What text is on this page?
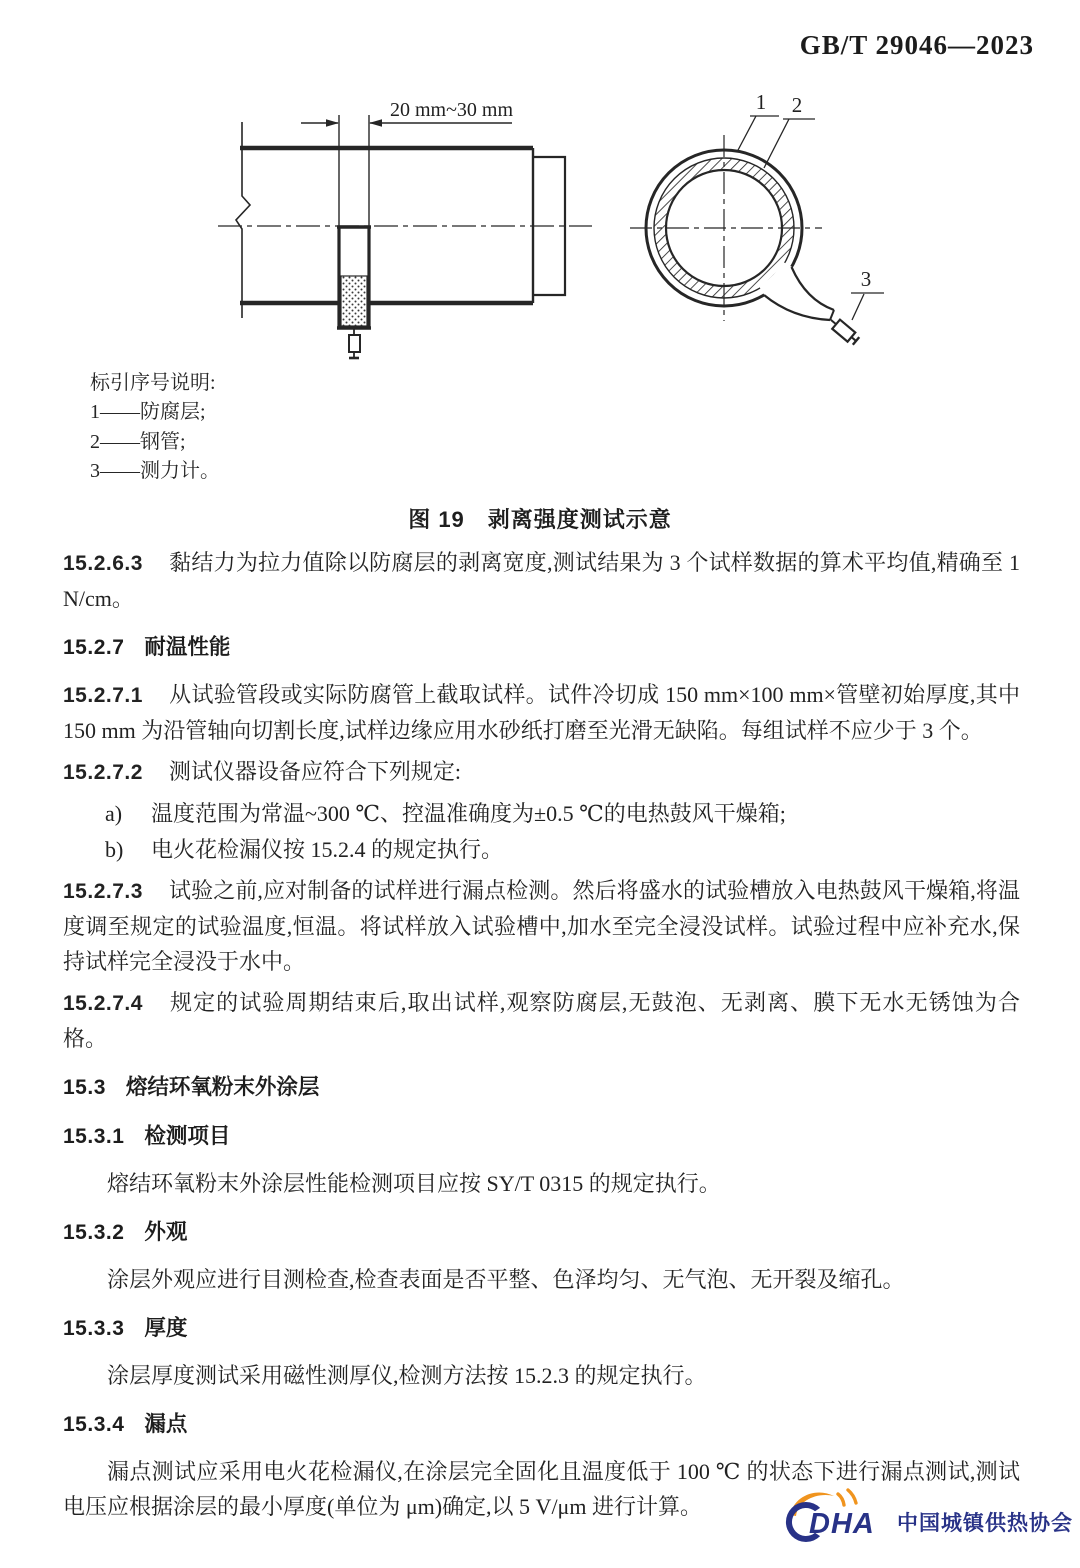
GB/T 29046—2023
20 mm~30 mm	1 2
3
标引序号说明:
1——防腐层;
2——钢管;
3——测力计。
图 19　剥离强度测试示意
15.2.6.3 黏结力为拉力值除以防腐层的剥离宽度,测试结果为 3 个试样数据的算术平均值,精确至 1 N/cm。
15.2.7 耐温性能
15.2.7.1 从试验管段或实际防腐管上截取试样。试件冷切成 150 mm×100 mm×管壁初始厚度,其中 150 mm 为沿管轴向切割长度,试样边缘应用水砂纸打磨至光滑无缺陷。每组试样不应少于 3 个。
15.2.7.2 测试仪器设备应符合下列规定:
a) 温度范围为常温~300 ℃、控温准确度为±0.5 ℃的电热鼓风干燥箱;
b) 电火花检漏仪按 15.2.4 的规定执行。
15.2.7.3 试验之前,应对制备的试样进行漏点检测。然后将盛水的试验槽放入电热鼓风干燥箱,将温度调至规定的试验温度,恒温。将试样放入试验槽中,加水至完全浸没试样。试验过程中应补充水,保持试样完全浸没于水中。
15.2.7.4 规定的试验周期结束后,取出试样,观察防腐层,无鼓泡、无剥离、膜下无水无锈蚀为合格。
15.3 熔结环氧粉末外涂层
15.3.1 检测项目
熔结环氧粉末外涂层性能检测项目应按 SY/T 0315 的规定执行。
15.3.2 外观
涂层外观应进行目测检查,检查表面是否平整、色泽均匀、无气泡、无开裂及缩孔。
15.3.3 厚度
涂层厚度测试采用磁性测厚仪,检测方法按 15.2.3 的规定执行。
15.3.4 漏点
漏点测试应采用电火花检漏仪,在涂层完全固化且温度低于 100 ℃ 的状态下进行漏点测试,测试电压应根据涂层的最小厚度(单位为 μm)确定,以 5 V/μm 进行计算。
DHA 中国城镇供热协会
